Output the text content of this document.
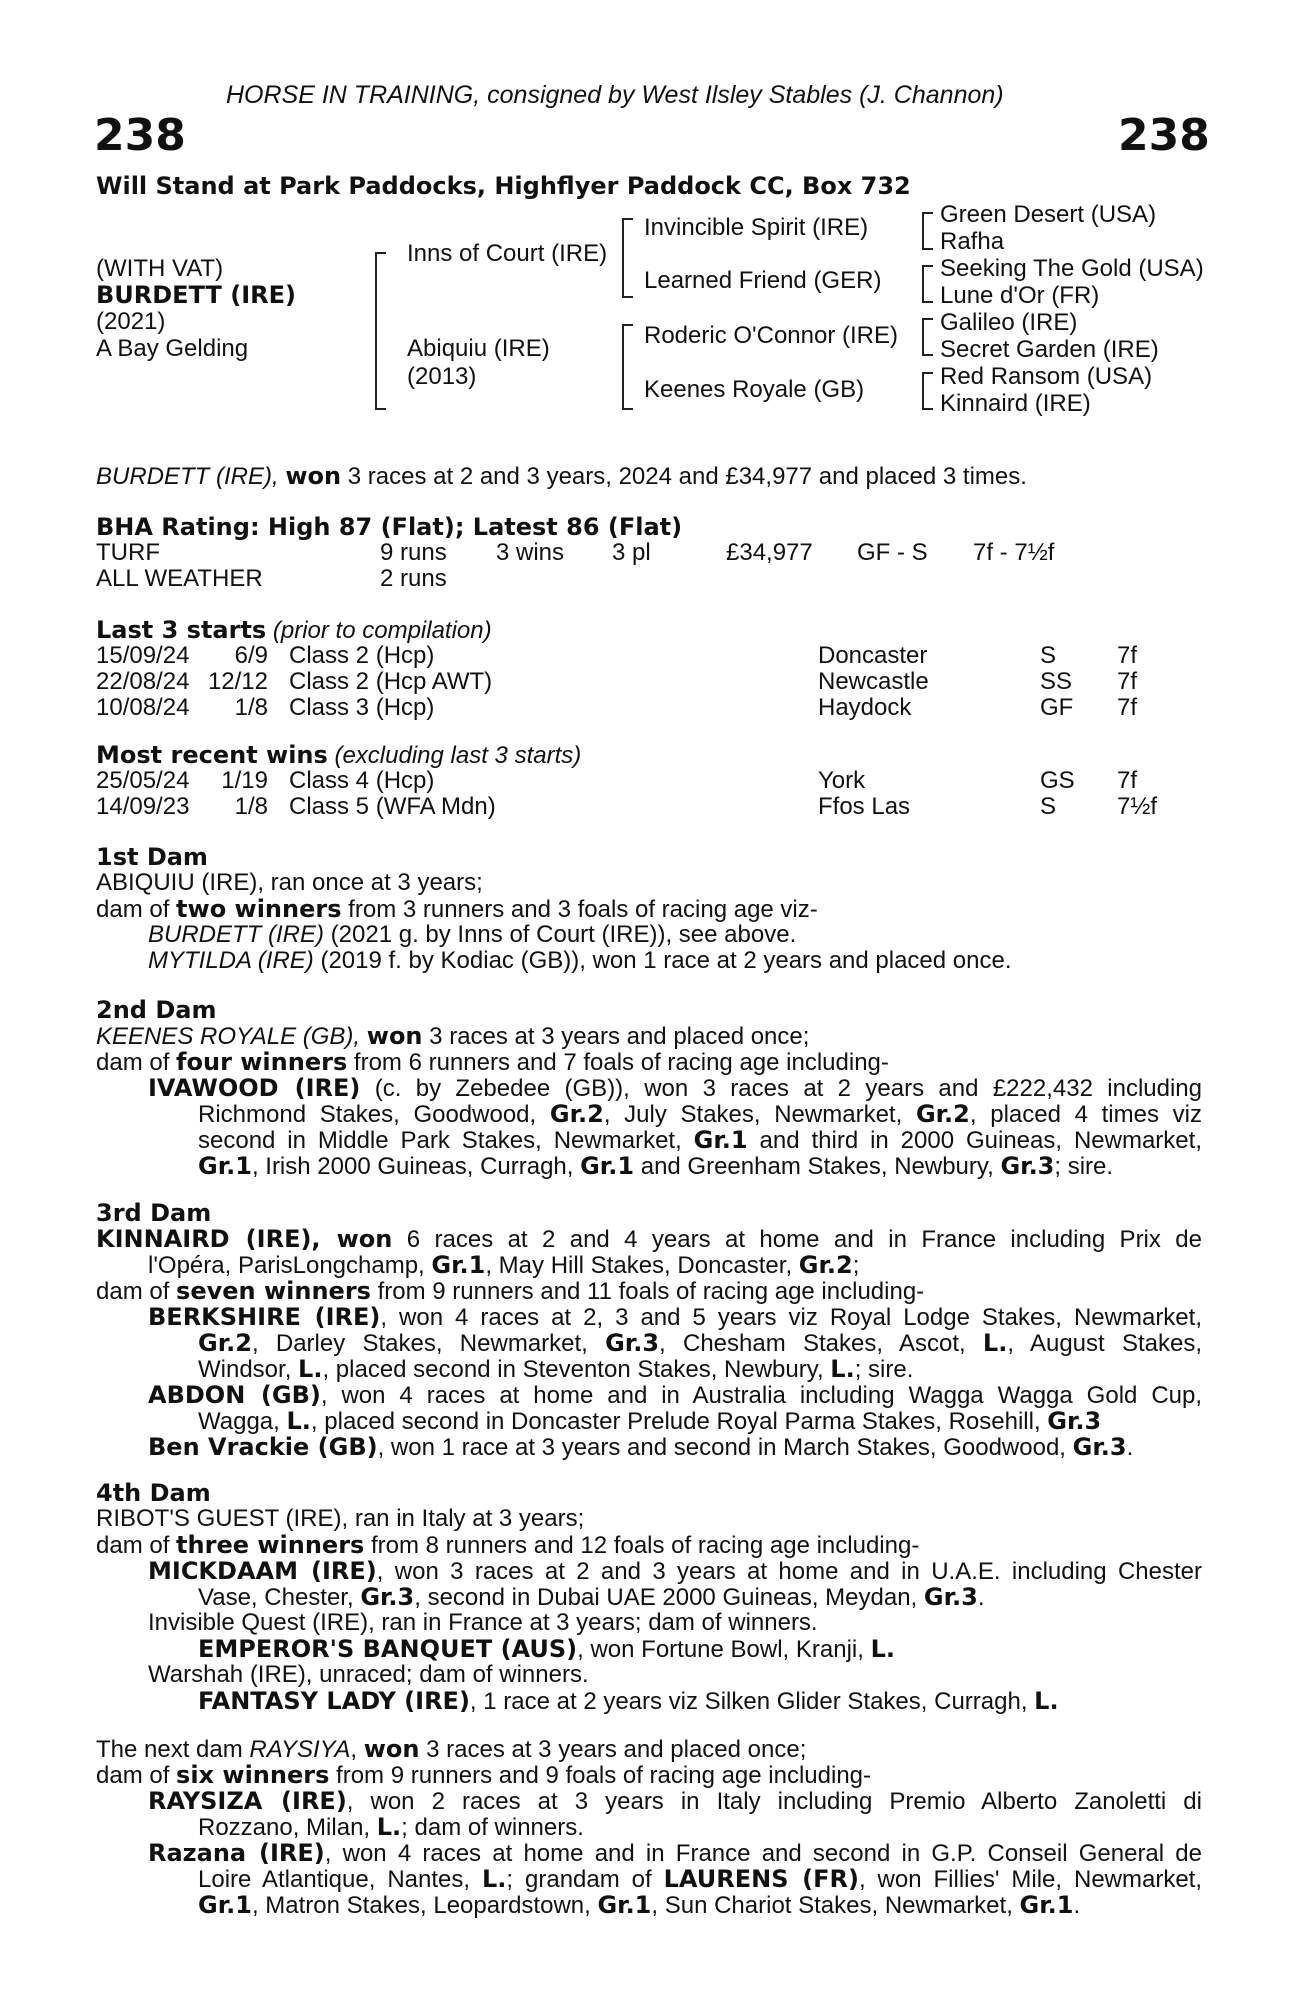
HORSE IN TRAINING, consigned by West Ilsley Stables (J. Channon)
238	238
Will Stand at Park Paddocks, Highflyer Paddock CC, Box 732
(WITH VAT)
BURDETT (IRE)
(2021)
A Bay Gelding
Inns of Court (IRE)
Abiquiu (IRE)
(2013)
Invincible Spirit (IRE)
Learned Friend (GER)
Roderic O'Connor (IRE)
Keenes Royale (GB)
Green Desert (USA)
Rafha
Seeking The Gold (USA)
Lune d'Or (FR)
Galileo (IRE)
Secret Garden (IRE)
Red Ransom (USA)
Kinnaird (IRE)
BURDETT (IRE), won 3 races at 2 and 3 years, 2024 and £34,977 and placed 3 times.
BHA Rating: High 87 (Flat); Latest 86 (Flat)
TURF	9 runs 3 wins 3 pl	£34,977 GF - S 7f - 7½f
ALL WEATHER	2 runs
Last 3 starts (prior to compilation)
15/09/24	6/9 Class 2 (Hcp)	Doncaster	S	7f
22/08/24 12/12 Class 2 (Hcp AWT)	Newcastle	SS 7f
10/08/24	1/8 Class 3 (Hcp)	Haydock	GF 7f
Most recent wins (excluding last 3 starts)
25/05/24	1/19 Class 4 (Hcp)	York	GS 7f
14/09/23	1/8 Class 5 (WFA Mdn)	Ffos Las	S	7½f
1st Dam
ABIQUIU (IRE), ran once at 3 years;
dam of two winners from 3 runners and 3 foals of racing age viz-
BURDETT (IRE) (2021 g. by Inns of Court (IRE)), see above.
MYTILDA (IRE) (2019 f. by Kodiac (GB)), won 1 race at 2 years and placed once.
2nd Dam
KEENES ROYALE (GB), won 3 races at 3 years and placed once;
dam of four winners from 6 runners and 7 foals of racing age including-
IVAWOOD (IRE) (c. by Zebedee (GB)), won 3 races at 2 years and £222,432 including
Richmond Stakes, Goodwood, Gr.2, July Stakes, Newmarket, Gr.2, placed 4 times viz
second in Middle Park Stakes, Newmarket, Gr.1 and third in 2000 Guineas, Newmarket,
Gr.1, Irish 2000 Guineas, Curragh, Gr.1 and Greenham Stakes, Newbury, Gr.3; sire.
3rd Dam
KINNAIRD (IRE), won 6 races at 2 and 4 years at home and in France including Prix de
l'Opéra, ParisLongchamp, Gr.1, May Hill Stakes, Doncaster, Gr.2;
dam of seven winners from 9 runners and 11 foals of racing age including-
BERKSHIRE (IRE), won 4 races at 2, 3 and 5 years viz Royal Lodge Stakes, Newmarket,
Gr.2, Darley Stakes, Newmarket, Gr.3, Chesham Stakes, Ascot, L., August Stakes,
Windsor, L., placed second in Steventon Stakes, Newbury, L.; sire.
ABDON (GB), won 4 races at home and in Australia including Wagga Wagga Gold Cup,
Wagga, L., placed second in Doncaster Prelude Royal Parma Stakes, Rosehill, Gr.3
Ben Vrackie (GB), won 1 race at 3 years and second in March Stakes, Goodwood, Gr.3.
4th Dam
RIBOT'S GUEST (IRE), ran in Italy at 3 years;
dam of three winners from 8 runners and 12 foals of racing age including-
MICKDAAM (IRE), won 3 races at 2 and 3 years at home and in U.A.E. including Chester
Vase, Chester, Gr.3, second in Dubai UAE 2000 Guineas, Meydan, Gr.3.
Invisible Quest (IRE), ran in France at 3 years; dam of winners.
EMPEROR'S BANQUET (AUS), won Fortune Bowl, Kranji, L.
Warshah (IRE), unraced; dam of winners.
FANTASY LADY (IRE), 1 race at 2 years viz Silken Glider Stakes, Curragh, L.
The next dam RAYSIYA, won 3 races at 3 years and placed once;
dam of six winners from 9 runners and 9 foals of racing age including-
RAYSIZA (IRE), won 2 races at 3 years in Italy including Premio Alberto Zanoletti di
Rozzano, Milan, L.; dam of winners.
Razana (IRE), won 4 races at home and in France and second in G.P. Conseil General de
Loire Atlantique, Nantes, L.; grandam of LAURENS (FR), won Fillies' Mile, Newmarket,
Gr.1, Matron Stakes, Leopardstown, Gr.1, Sun Chariot Stakes, Newmarket, Gr.1.
